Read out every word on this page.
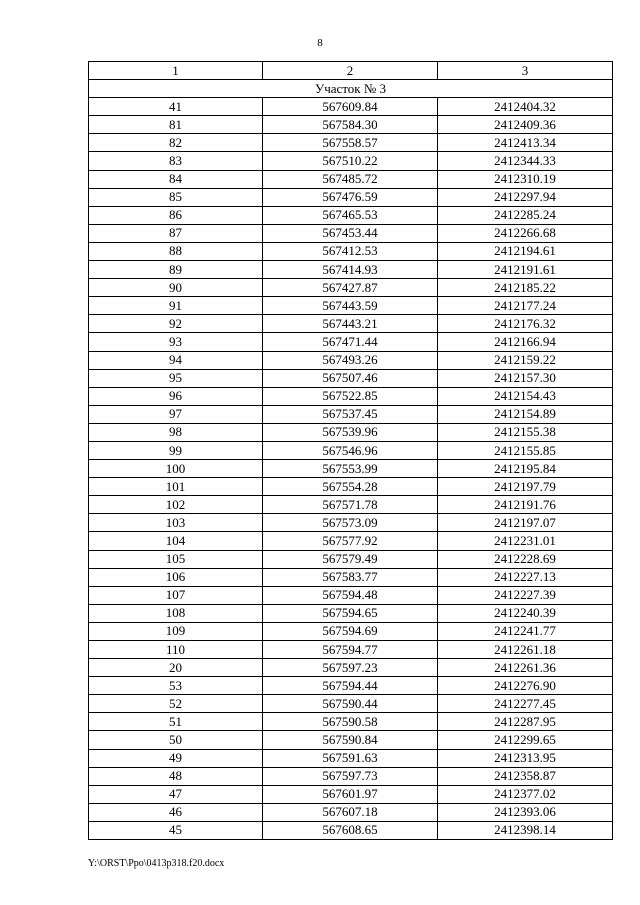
8
1	2	3
Участок № 3		
41	567609.84	2412404.32
81	567584.30	2412409.36
82	567558.57	2412413.34
83	567510.22	2412344.33
84	567485.72	2412310.19
85	567476.59	2412297.94
86	567465.53	2412285.24
87	567453.44	2412266.68
88	567412.53	2412194.61
89	567414.93	2412191.61
90	567427.87	2412185.22
91	567443.59	2412177.24
92	567443.21	2412176.32
93	567471.44	2412166.94
94	567493.26	2412159.22
95	567507.46	2412157.30
96	567522.85	2412154.43
97	567537.45	2412154.89
98	567539.96	2412155.38
99	567546.96	2412155.85
100	567553.99	2412195.84
101	567554.28	2412197.79
102	567571.78	2412191.76
103	567573.09	2412197.07
104	567577.92	2412231.01
105	567579.49	2412228.69
106	567583.77	2412227.13
107	567594.48	2412227.39
108	567594.65	2412240.39
109	567594.69	2412241.77
110	567594.77	2412261.18
20	567597.23	2412261.36
53	567594.44	2412276.90
52	567590.44	2412277.45
51	567590.58	2412287.95
50	567590.84	2412299.65
49	567591.63	2412313.95
48	567597.73	2412358.87
47	567601.97	2412377.02
46	567607.18	2412393.06
45	567608.65	2412398.14
Y:\ORST\Ppo\0413p318.f20.docx
